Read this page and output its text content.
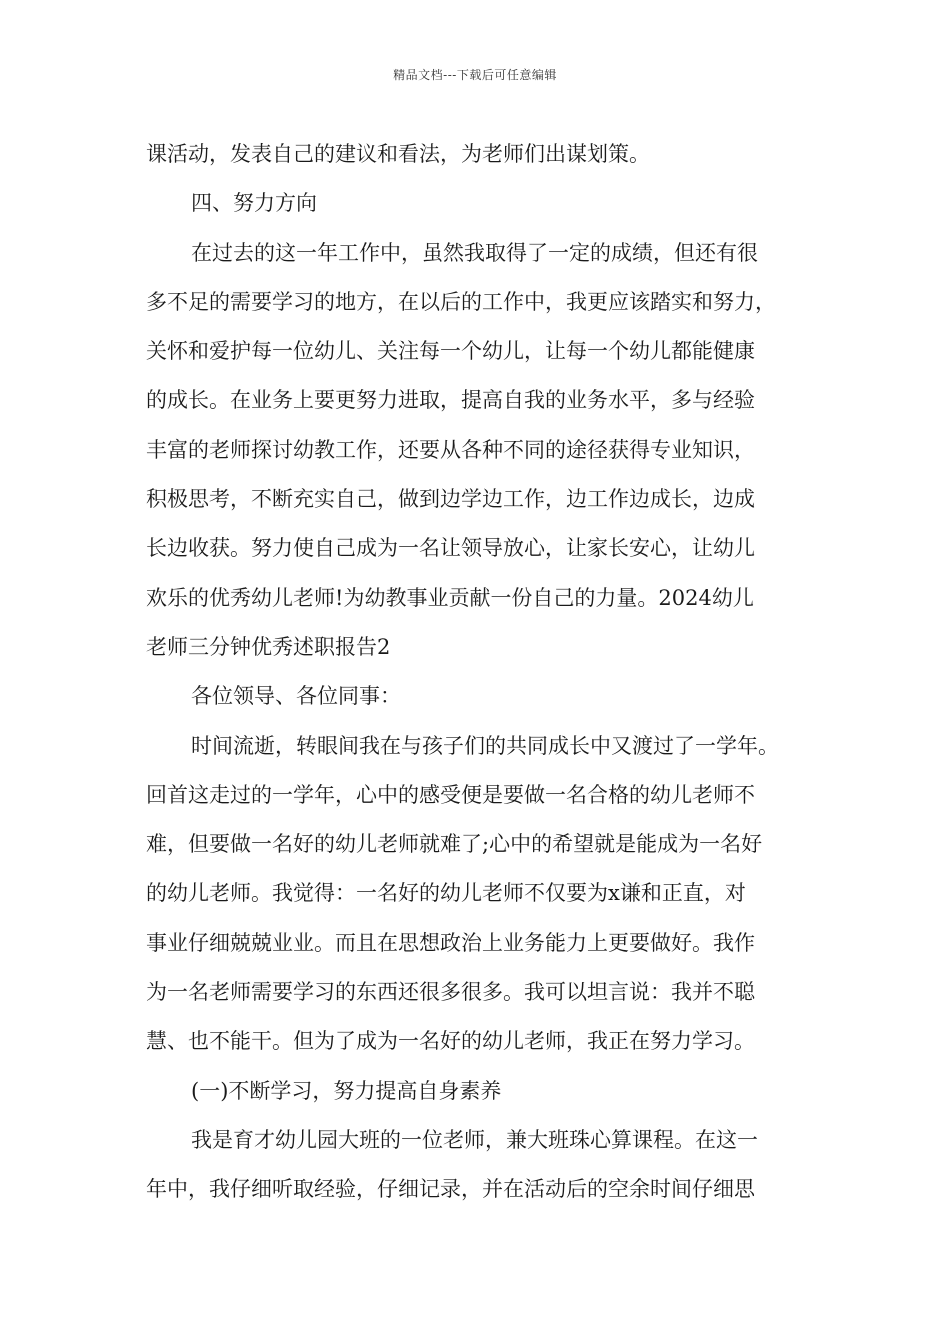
精品文档---下载后可任意编辑
课活动，发表自己的建议和看法，为老师们出谋划策。
四、努力方向
在过去的这一年工作中，虽然我取得了一定的成绩，但还有很
多不足的需要学习的地方，在以后的工作中，我更应该踏实和努力，
关怀和爱护每一位幼儿、关注每一个幼儿，让每一个幼儿都能健康
的成长。在业务上要更努力进取，提高自我的业务水平，多与经验
丰富的老师探讨幼教工作，还要从各种不同的途径获得专业知识，
积极思考，不断充实自己，做到边学边工作，边工作边成长，边成
长边收获。努力使自己成为一名让领导放心，让家长安心，让幼儿
欢乐的优秀幼儿老师!为幼教事业贡献一份自己的力量。2024幼儿
老师三分钟优秀述职报告2
各位领导、各位同事：
时间流逝，转眼间我在与孩子们的共同成长中又渡过了一学年。
回首这走过的一学年，心中的感受便是要做一名合格的幼儿老师不
难，但要做一名好的幼儿老师就难了;心中的希望就是能成为一名好
的幼儿老师。我觉得：一名好的幼儿老师不仅要为x谦和正直，对
事业仔细兢兢业业。而且在思想政治上业务能力上更要做好。我作
为一名老师需要学习的东西还很多很多。我可以坦言说：我并不聪
慧、也不能干。但为了成为一名好的幼儿老师，我正在努力学习。
(一)不断学习，努力提高自身素养
我是育才幼儿园大班的一位老师，兼大班珠心算课程。在这一
年中，我仔细听取经验，仔细记录，并在活动后的空余时间仔细思
